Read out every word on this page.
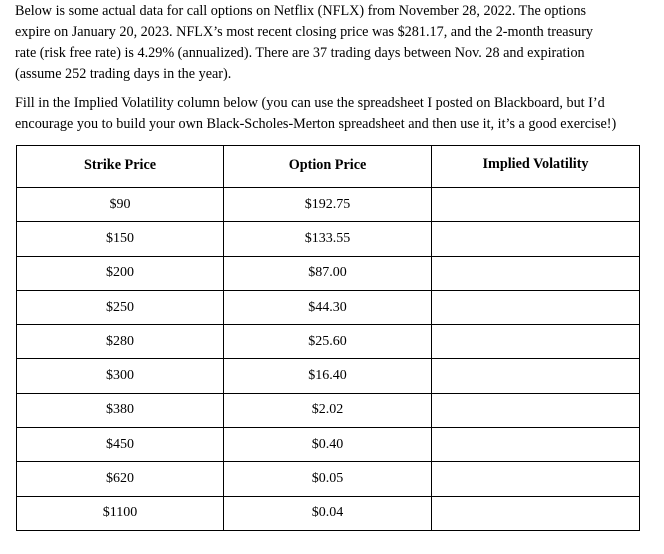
Below is some actual data for call options on Netflix (NFLX) from November 28, 2022. The options
expire on January 20, 2023. NFLX’s most recent closing price was $281.17, and the 2-month treasury
rate (risk free rate) is 4.29% (annualized). There are 37 trading days between Nov. 28 and expiration
(assume 252 trading days in the year).

Fill in the Implied Volatility column below (you can use the spreadsheet I posted on Blackboard, but I’d
encourage you to build your own Black-Scholes-Merton spreadsheet and then use it, it’s a good exercise!)

Strike Price	Option Price	Implied Volatility
$90	$192.75	
$150	$133.55	
$200	$87.00	
$250	$44.30	
$280	$25.60	
$300	$16.40	
$380	$2.02	
$450	$0.40	
$620	$0.05	
$1100	$0.04	
